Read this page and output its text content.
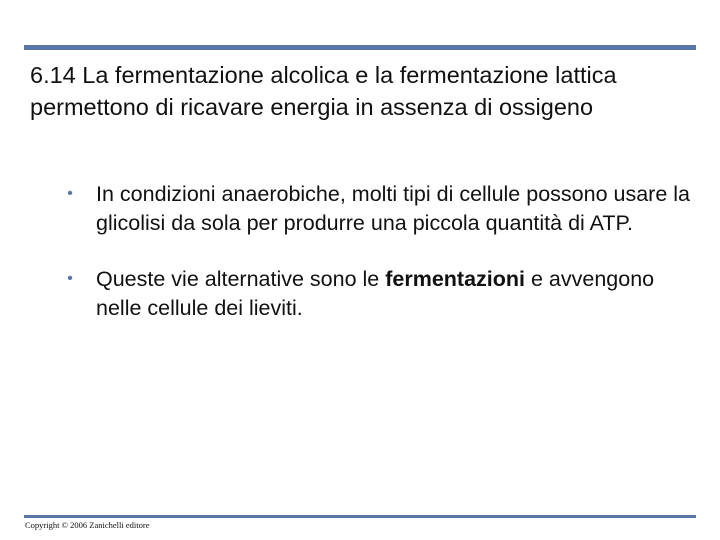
6.14 La fermentazione alcolica e la fermentazione lattica permettono di ricavare energia in assenza di ossigeno
•	In condizioni anaerobiche, molti tipi di cellule possono usare la glicolisi da sola per produrre una piccola quantità di ATP.
•	Queste vie alternative sono le fermentazioni e avvengono nelle cellule dei lieviti.
Copyright © 2006 Zanichelli editore
